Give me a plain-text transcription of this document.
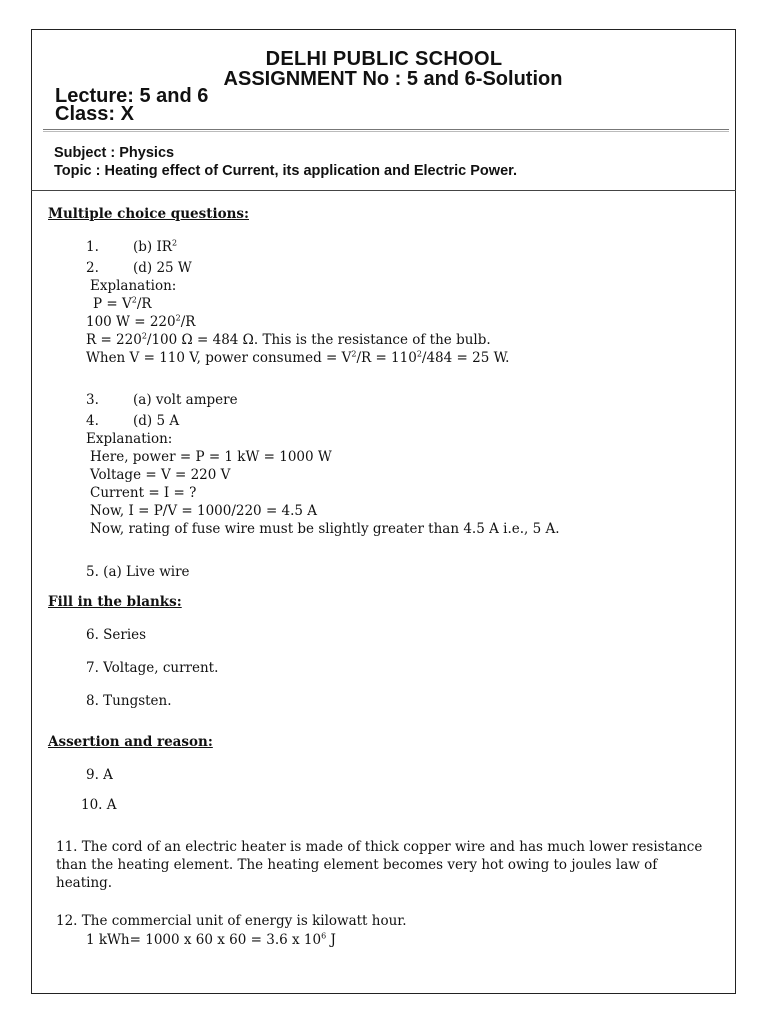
DELHI PUBLIC SCHOOL
ASSIGNMENT No : 5 and 6-Solution
Lecture: 5 and 6
Class: X
Subject : Physics
Topic : Heating effect of Current, its application and Electric Power.
Multiple choice questions:
1.	(b) $IR^2$
2.	(d) 25 W
Explanation:
$P = V^2/R$
100 $W = 220^2/R$
$R = 220^2/100$ Ω = 484 Ω. This is the resistance of the bulb.
When V = 110 V, power consumed = $V^2/R = 110^2/484 = 25$ W.
3.	(a) volt ampere
4.	(d) 5 A
Explanation:
Here, power = P = 1 kW = 1000 W
Voltage = V = 220 V
Current = I = ?
Now, I = P/V = 1000/220 = 4.5 A
Now, rating of fuse wire must be slightly greater than 4.5 A i.e., 5 A.
5. (a) Live wire
Fill in the blanks:
6. Series
7. Voltage, current.
8. Tungsten.
Assertion and reason:
9. A
10. A
11. The cord of an electric heater is made of thick copper wire and has much lower resistance
than the heating element. The heating element becomes very hot owing to joules law of
heating.
12. The commercial unit of energy is kilowatt hour.
1 kWh= 1000 x 60 x 60 = 3.6 x $10^6$ J
